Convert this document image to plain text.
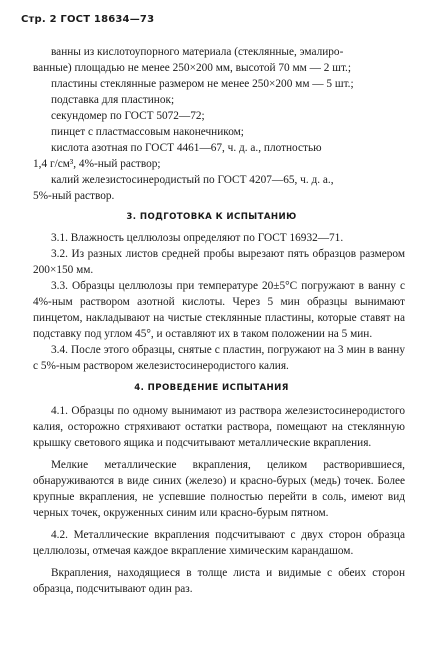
Стр. 2 ГОСТ 18634—73
ванны из кислотоупорного материала (стеклянные, эмалиро-
ванные) площадью не менее 250×200 мм, высотой 70 мм — 2 шт.;
пластины стеклянные размером не менее 250×200 мм — 5 шт.;
подставка для пластинок;
секундомер по ГОСТ 5072—72;
пинцет с пластмассовым наконечником;
кислота азотная по ГОСТ 4461—67, ч. д. а., плотностью
1,4 г/см³, 4%-ный раствор;
калий железистосинеродистый по ГОСТ 4207—65, ч. д. а.,
5%-ный раствор.
3. ПОДГОТОВКА К ИСПЫТАНИЮ

3.1. Влажность целлюлозы определяют по ГОСТ 16932—71.

3.2. Из разных листов средней пробы вырезают пять образцов размером 200×150 мм.

3.3. Образцы целлюлозы при температуре 20±5°С погружают в ванну с 4%-ным раствором азотной кислоты. Через 5 мин образцы вынимают пинцетом, накладывают на чистые стеклянные пластины, которые ставят на подставку под углом 45°, и оставляют их в таком положении на 5 мин.

3.4. После этого образцы, снятые с пластин, погружают на 3 мин в ванну с 5%-ным раствором железистосинеродистого калия.

4. ПРОВЕДЕНИЕ ИСПЫТАНИЯ

4.1. Образцы по одному вынимают из раствора железистосинеродистого калия, осторожно стряхивают остатки раствора, помещают на стеклянную крышку светового ящика и подсчитывают металлические вкрапления.

Мелкие металлические вкрапления, целиком растворившиеся, обнаруживаются в виде синих (железо) и красно-бурых (медь) точек. Более крупные вкрапления, не успевшие полностью перейти в соль, имеют вид черных точек, окруженных синим или красно-бурым пятном.

4.2. Металлические вкрапления подсчитывают с двух сторон образца целлюлозы, отмечая каждое вкрапление химическим карандашом.

Вкрапления, находящиеся в толще листа и видимые с обеих сторон образца, подсчитывают один раз.
